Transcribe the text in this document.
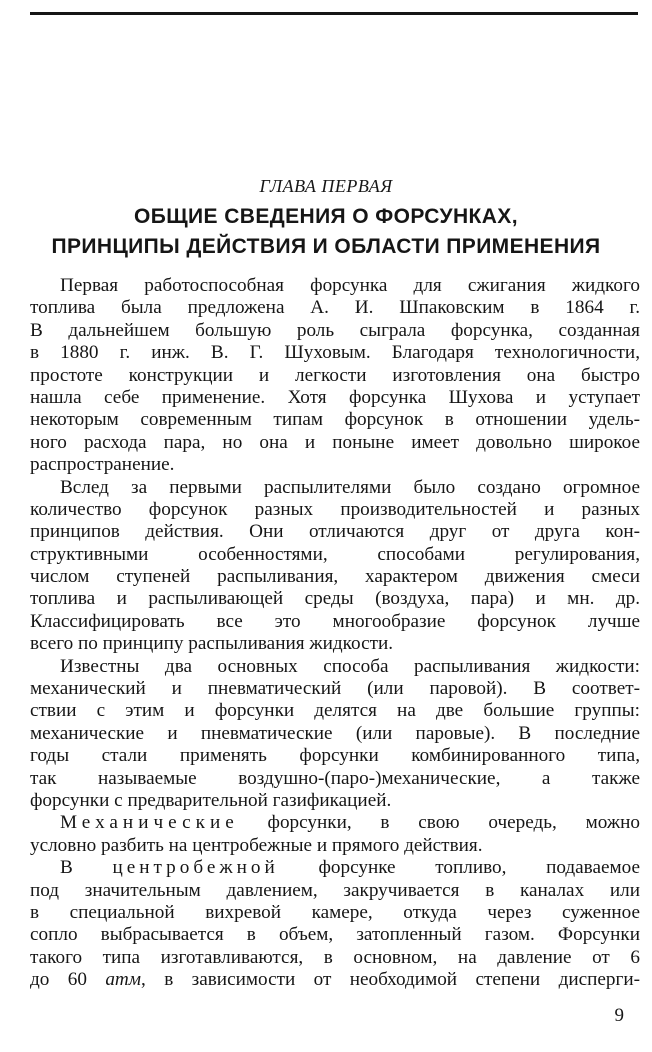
ГЛАВА ПЕРВАЯ
ОБЩИЕ СВЕДЕНИЯ О ФОРСУНКАХ,
ПРИНЦИПЫ ДЕЙСТВИЯ И ОБЛАСТИ ПРИМЕНЕНИЯ
Первая работоспособная форсунка для сжигания жидкого
топлива была предложена А. И. Шпаковским в 1864 г.
В дальнейшем большую роль сыграла форсунка, созданная
в 1880 г. инж. В. Г. Шуховым. Благодаря технологичности,
простоте конструкции и легкости изготовления она быстро
нашла себе применение. Хотя форсунка Шухова и уступает
некоторым современным типам форсунок в отношении удель-
ного расхода пара, но она и поныне имеет довольно широкое
распространение.
Вслед за первыми распылителями было создано огромное
количество форсунок разных производительностей и разных
принципов действия. Они отличаются друг от друга кон-
структивными особенностями, способами регулирования,
числом ступеней распыливания, характером движения смеси
топлива и распыливающей среды (воздуха, пара) и мн. др.
Классифицировать все это многообразие форсунок лучше
всего по принципу распыливания жидкости.
Известны два основных способа распыливания жидкости:
механический и пневматический (или паровой). В соответ-
ствии с этим и форсунки делятся на две большие группы:
механические и пневматические (или паровые). В последние
годы стали применять форсунки комбинированного типа,
так называемые воздушно-(паро-)механические, а также
форсунки с предварительной газификацией.
Механические форсунки, в свою очередь, можно
условно разбить на центробежные и прямого действия.
В центробежной форсунке топливо, подаваемое
под значительным давлением, закручивается в каналах или
в специальной вихревой камере, откуда через суженное
сопло выбрасывается в объем, затопленный газом. Форсунки
такого типа изготавливаются, в основном, на давление от 6
до 60 атм, в зависимости от необходимой степени дисперги-
9
